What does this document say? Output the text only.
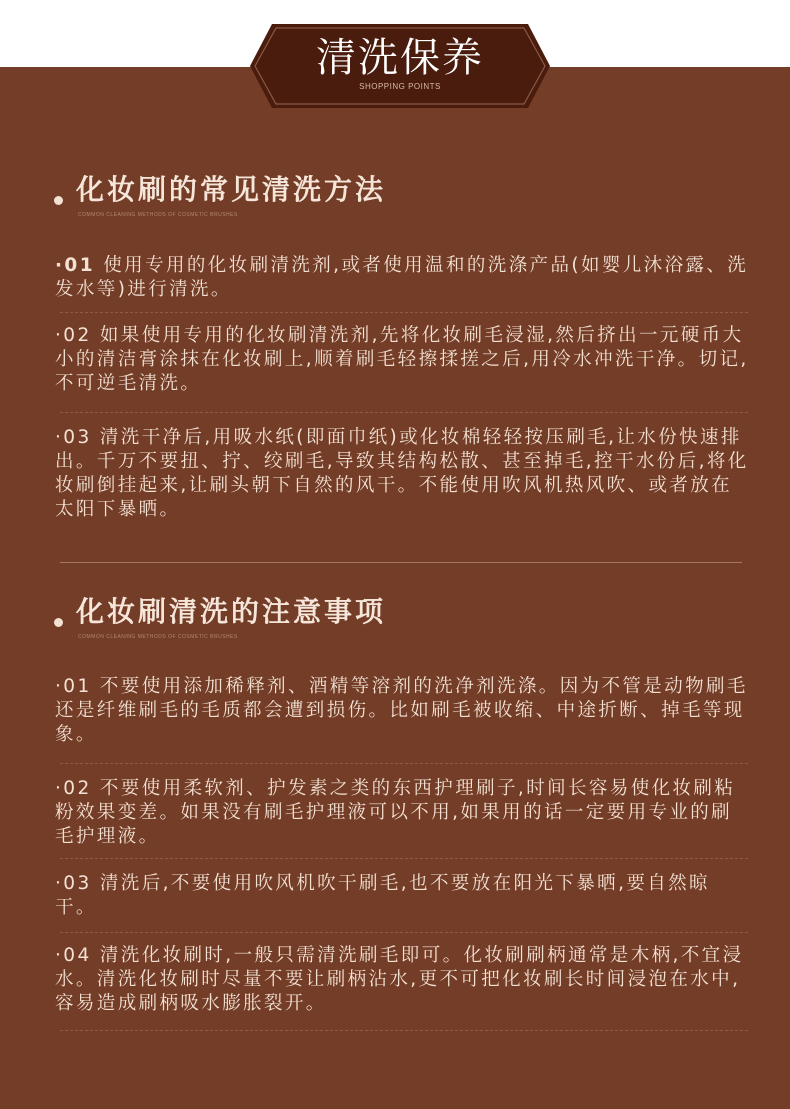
清洗保养
SHOPPING POINTS
化妆刷的常见清洗方法
COMMON CLEANING METHODS OF COSMETIC BRUSHES
·01 使用专用的化妆刷清洗剂,或者使用温和的洗涤产品(如婴儿沐浴露、洗发水等)进行清洗。
·02 如果使用专用的化妆刷清洗剂,先将化妆刷毛浸湿,然后挤出一元硬币大小的清洁膏涂抹在化妆刷上,顺着刷毛轻擦揉搓之后,用冷水冲洗干净。切记,不可逆毛清洗。
·03 清洗干净后,用吸水纸(即面巾纸)或化妆棉轻轻按压刷毛,让水份快速排出。千万不要扭、拧、绞刷毛,导致其结构松散、甚至掉毛,控干水份后,将化妆刷倒挂起来,让刷头朝下自然的风干。不能使用吹风机热风吹、或者放在太阳下暴晒。
化妆刷清洗的注意事项
COMMON CLEANING METHODS OF COSMETIC BRUSHES
·01 不要使用添加稀释剂、酒精等溶剂的洗净剂洗涤。因为不管是动物刷毛还是纤维刷毛的毛质都会遭到损伤。比如刷毛被收缩、中途折断、掉毛等现象。
·02 不要使用柔软剂、护发素之类的东西护理刷子,时间长容易使化妆刷粘粉效果变差。如果没有刷毛护理液可以不用,如果用的话一定要用专业的刷毛护理液。
·03 清洗后,不要使用吹风机吹干刷毛,也不要放在阳光下暴晒,要自然晾干。
·04 清洗化妆刷时,一般只需清洗刷毛即可。化妆刷刷柄通常是木柄,不宜浸水。清洗化妆刷时尽量不要让刷柄沾水,更不可把化妆刷长时间浸泡在水中,容易造成刷柄吸水膨胀裂开。
